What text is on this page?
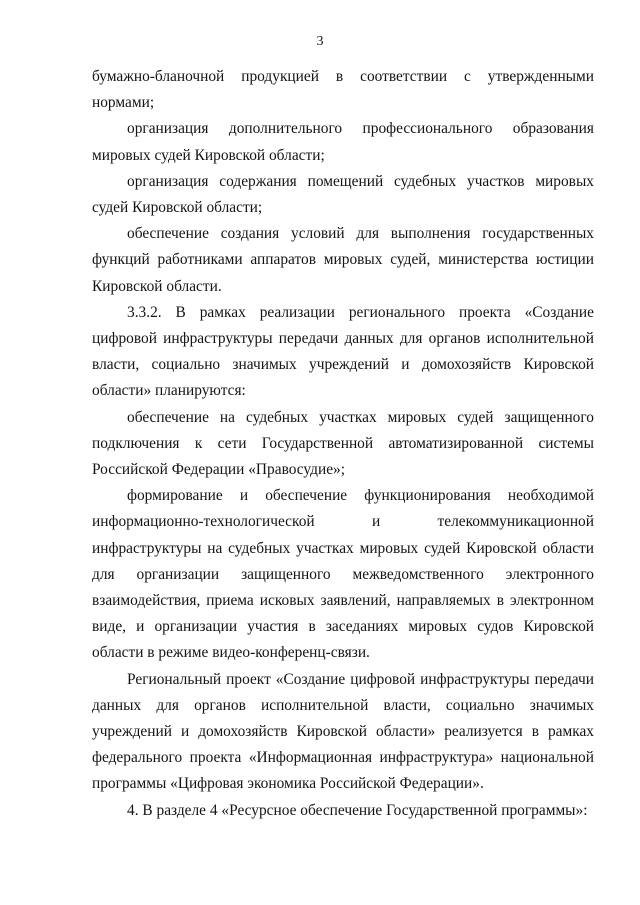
3

бумажно-бланочной продукцией в соответствии с утвержденными нормами;

организация дополнительного профессионального образования мировых судей Кировской области;

организация содержания помещений судебных участков мировых судей Кировской области;

обеспечение создания условий для выполнения государственных функций работниками аппаратов мировых судей, министерства юстиции Кировской области.

3.3.2. В рамках реализации регионального проекта «Создание цифровой инфраструктуры передачи данных для органов исполнительной власти, социально значимых учреждений и домохозяйств Кировской области» планируются:

обеспечение на судебных участках мировых судей защищенного подключения к сети Государственной автоматизированной системы Российской Федерации «Правосудие»;

формирование и обеспечение функционирования необходимой информационно-технологической и телекоммуникационной инфраструктуры на судебных участках мировых судей Кировской области для организации защищенного межведомственного электронного взаимодействия, приема исковых заявлений, направляемых в электронном виде, и организации участия в заседаниях мировых судов Кировской области в режиме видео-конференц-связи.

Региональный проект «Создание цифровой инфраструктуры передачи данных для органов исполнительной власти, социально значимых учреждений и домохозяйств Кировской области» реализуется в рамках федерального проекта «Информационная инфраструктура» национальной программы «Цифровая экономика Российской Федерации».

4. В разделе 4 «Ресурсное обеспечение Государственной программы»:
